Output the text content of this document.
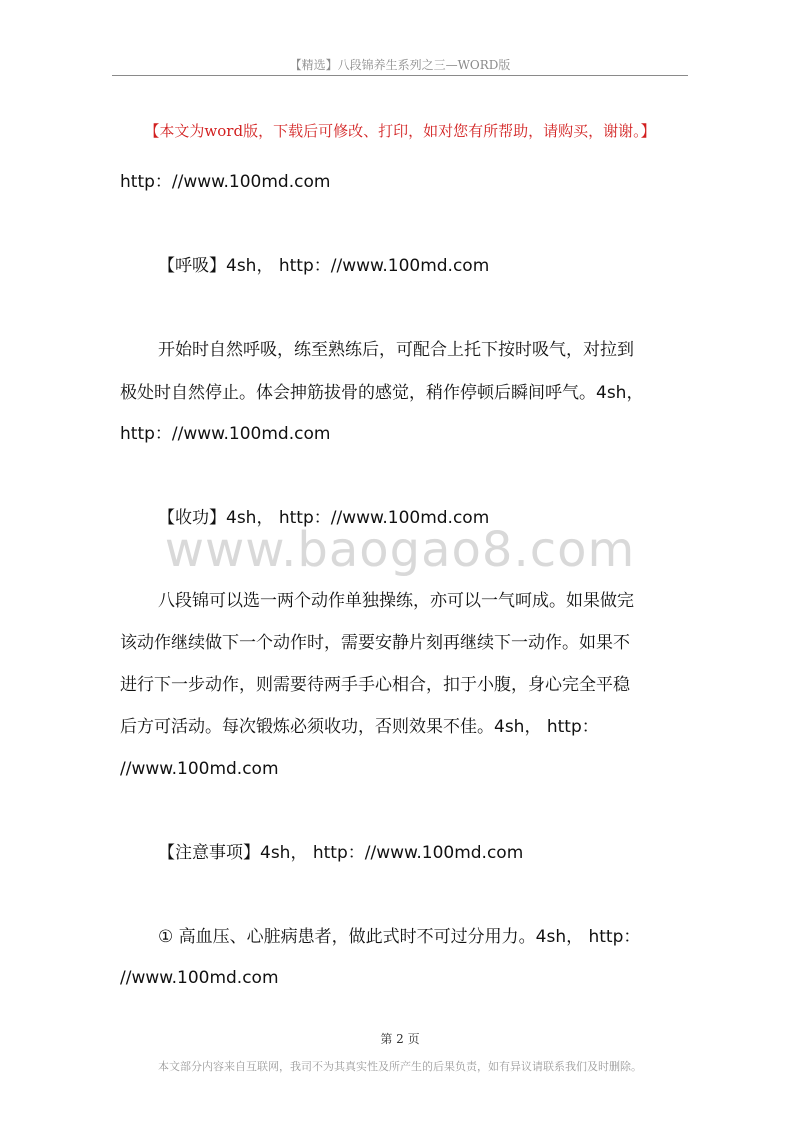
【精选】八段锦养生系列之三—WORD版
【本文为word版，下载后可修改、打印，如对您有所帮助，请购买，谢谢。】
http：//www.100md.com
【呼吸】4sh， http：//www.100md.com
开始时自然呼吸，练至熟练后，可配合上托下按时吸气，对拉到
极处时自然停止。体会抻筋拔骨的感觉，稍作停顿后瞬间呼气。4sh，
http：//www.100md.com
【收功】4sh， http：//www.100md.com
八段锦可以选一两个动作单独操练，亦可以一气呵成。如果做完
该动作继续做下一个动作时，需要安静片刻再继续下一动作。如果不
进行下一步动作，则需要待两手手心相合，扣于小腹，身心完全平稳
后方可活动。每次锻炼必须收功，否则效果不佳。4sh， http：
//www.100md.com
【注意事项】4sh， http：//www.100md.com
① 高血压、心脏病患者，做此式时不可过分用力。4sh， http：
//www.100md.com
www.baogao8.com
第 2 页
本文部分内容来自互联网，我司不为其真实性及所产生的后果负责，如有异议请联系我们及时删除。
